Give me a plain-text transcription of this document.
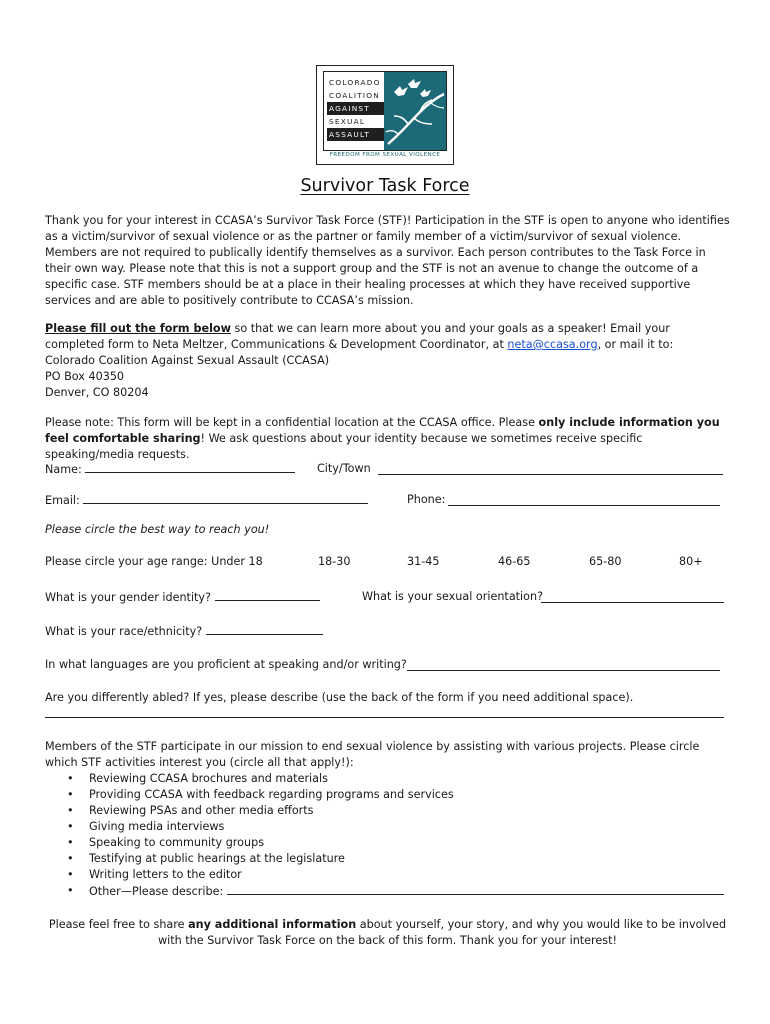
COLORADO
COALITION
AGAINST
SEXUAL
ASSAULT
FREEDOM FROM SEXUAL VIOLENCE
Survivor Task Force

Thank you for your interest in CCASA’s Survivor Task Force (STF)! Participation in the STF is open to anyone who identifies as a victim/survivor of sexual violence or as the partner or family member of a victim/survivor of sexual violence. Members are not required to publically identify themselves as a survivor. Each person contributes to the Task Force in their own way. Please note that this is not a support group and the STF is not an avenue to change the outcome of a specific case. STF members should be at a place in their healing processes at which they have received supportive services and are able to positively contribute to CCASA’s mission.

Please fill out the form below so that we can learn more about you and your goals as a speaker! Email your completed form to Neta Meltzer, Communications & Development Coordinator, at neta@ccasa.org, or mail it to:
Colorado Coalition Against Sexual Assault (CCASA)
PO Box 40350
Denver, CO 80204

Please note: This form will be kept in a confidential location at the CCASA office. Please only include information you feel comfortable sharing! We ask questions about your identity because we sometimes receive specific speaking/media requests.

Name:	City/Town
Email:	Phone:
Please circle the best way to reach you!
Please circle your age range: Under 18	18-30	31-45	46-65	65-80	80+
What is your gender identity?	What is your sexual orientation?
What is your race/ethnicity?
In what languages are you proficient at speaking and/or writing?
Are you differently abled? If yes, please describe (use the back of the form if you need additional space).

Members of the STF participate in our mission to end sexual violence by assisting with various projects. Please circle which STF activities interest you (circle all that apply!):

• Reviewing CCASA brochures and materials
• Providing CCASA with feedback regarding programs and services
• Reviewing PSAs and other media efforts
• Giving media interviews
• Speaking to community groups
• Testifying at public hearings at the legislature
• Writing letters to the editor
• Other—Please describe:

Please feel free to share any additional information about yourself, your story, and why you would like to be involved with the Survivor Task Force on the back of this form. Thank you for your interest!
